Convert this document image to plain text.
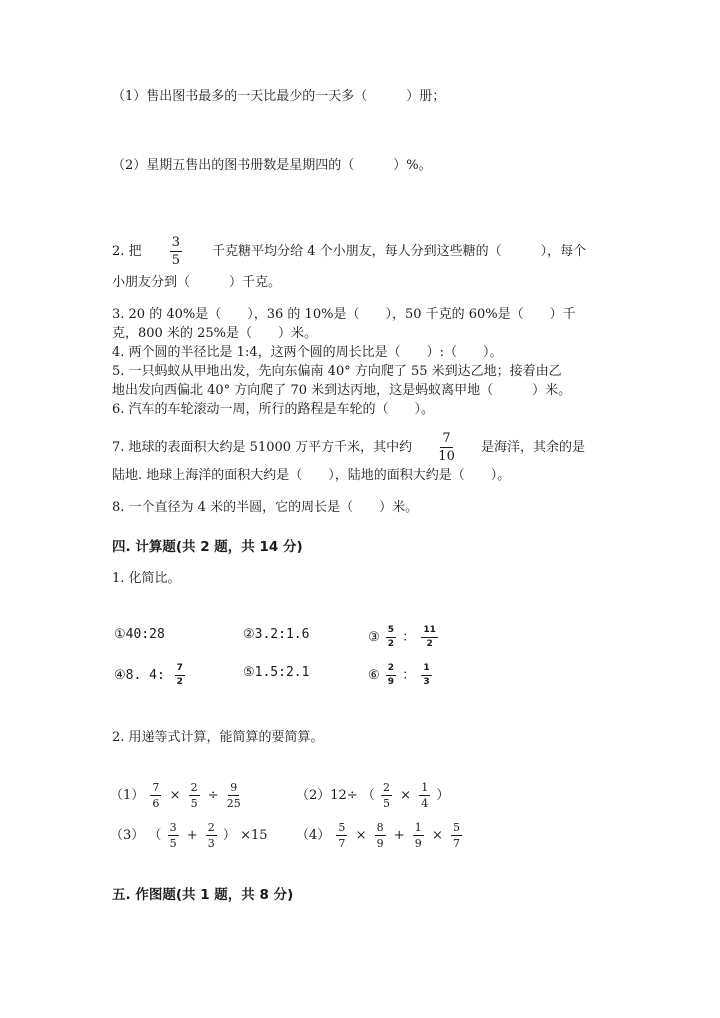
（1）售出图书最多的一天比最少的一天多（　　　）册；
（2）星期五售出的图书册数是星期四的（　　　）%。
2. 把 $\frac{3}{5}$ 千克糖平均分给 4 个小朋友，每人分到这些糖的（　　　），每个
小朋友分到（　　　）千克。
3. 20 的 40%是（　　），36 的 10%是（　　），50 千克的 60%是（　　）千
克，800 米的 25%是（　　）米。
4. 两个圆的半径比是 1:4，这两个圆的周长比是（　　）:（　　）。
5. 一只蚂蚁从甲地出发，先向东偏南 40° 方向爬了 55 米到达乙地；接着由乙
地出发向西偏北 40° 方向爬了 70 米到达丙地，这是蚂蚁离甲地（　　　）米。
6. 汽车的车轮滚动一周，所行的路程是车轮的（　　）。
7. 地球的表面积大约是 51000 万平方千米，其中约 $\frac{7}{10}$ 是海洋，其余的是
陆地. 地球上海洋的面积大约是（　　），陆地的面积大约是（　　）。
8. 一个直径为 4 米的半圆，它的周长是（　　）米。
四. 计算题(共 2 题，共 14 分)
1. 化简比。
①40:28	②3.2:1.6	③ $\frac{5}{2}$ ： $\frac{11}{2}$
④8. 4: $\frac{7}{2}$	⑤1.5:2.1	⑥ $\frac{2}{9}$ ： $\frac{1}{3}$
2. 用递等式计算，能简算的要简算。
$(1) \frac{7}{6} \times \frac{2}{5} \div \frac{9}{25}$	（2）12÷ （ $\frac{2}{5} \times \frac{1}{4}$ ）
（3） （ $\frac{3}{5} + \frac{2}{3}$ ） ×15 $(4) \frac{5}{7} \times \frac{8}{9} + \frac{1}{9} \times \frac{5}{7}$
五. 作图题(共 1 题，共 8 分)
